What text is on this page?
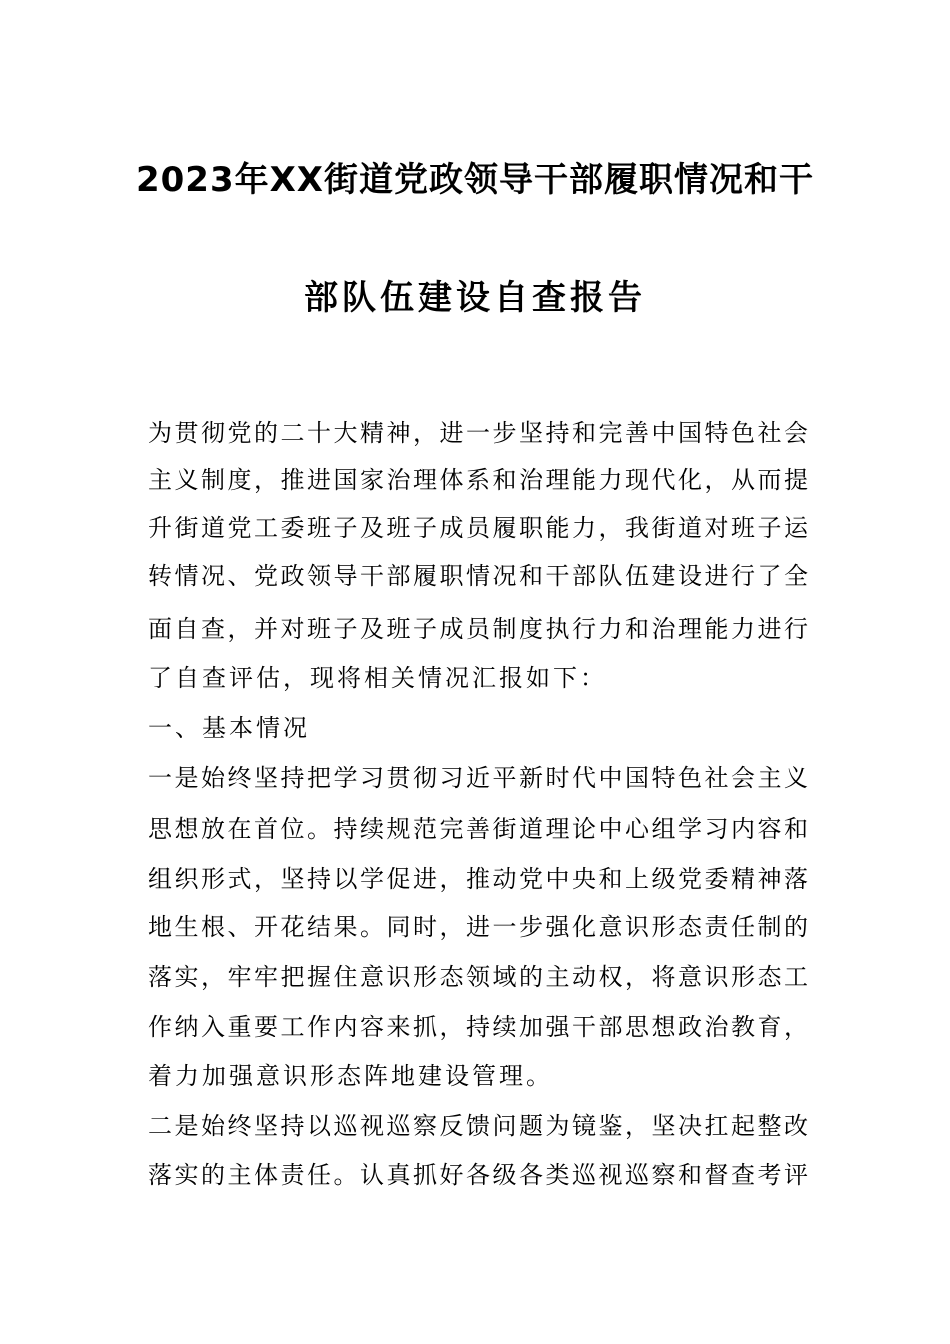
2023年XX街道党政领导干部履职情况和干
部队伍建设自查报告
为贯彻党的二十大精神，进一步坚持和完善中国特色社会
主义制度，推进国家治理体系和治理能力现代化，从而提
升街道党工委班子及班子成员履职能力，我街道对班子运
转情况、党政领导干部履职情况和干部队伍建设进行了全
面自查，并对班子及班子成员制度执行力和治理能力进行
了自查评估，现将相关情况汇报如下：
一、基本情况
一是始终坚持把学习贯彻习近平新时代中国特色社会主义
思想放在首位。持续规范完善街道理论中心组学习内容和
组织形式，坚持以学促进，推动党中央和上级党委精神落
地生根、开花结果。同时，进一步强化意识形态责任制的
落实，牢牢把握住意识形态领域的主动权，将意识形态工
作纳入重要工作内容来抓，持续加强干部思想政治教育，
着力加强意识形态阵地建设管理。
二是始终坚持以巡视巡察反馈问题为镜鉴，坚决扛起整改
落实的主体责任。认真抓好各级各类巡视巡察和督查考评
